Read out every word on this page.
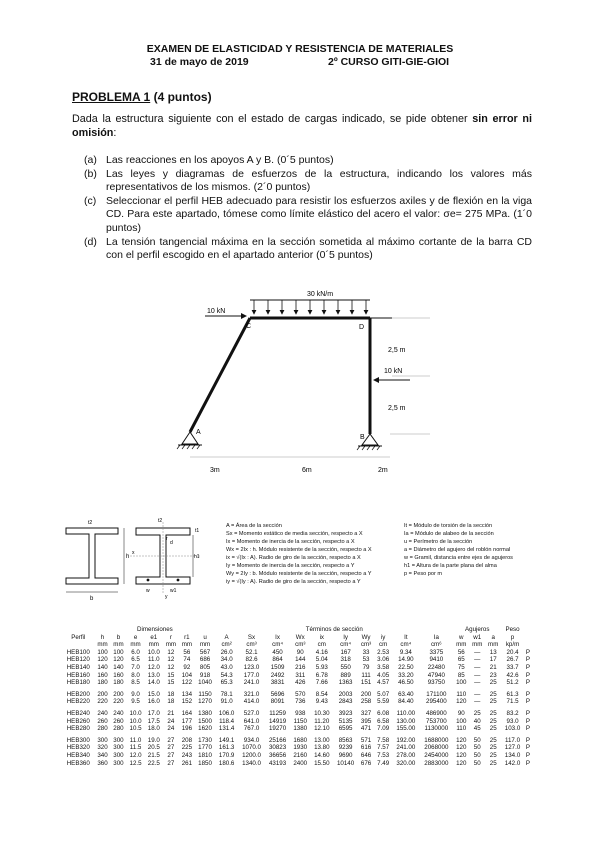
EXAMEN DE ELASTICIDAD Y RESISTENCIA DE MATERIALES
31 de mayo de 2019	2º CURSO GITI-GIE-GIOI
PROBLEMA 1 (4 puntos)
Dada la estructura siguiente con el estado de cargas indicado, se pide obtener sin error ni omisión:
(a) Las reacciones en los apoyos A y B. (0´5 puntos)
(b) Las leyes y diagramas de esfuerzos de la estructura, indicando los valores más representativos de los mismos. (2´0 puntos)
(c) Seleccionar el perfil HEB adecuado para resistir los esfuerzos axiles y de flexión en la viga CD. Para este apartado, tómese como límite elástico del acero el valor: σe= 275 MPa. (1´0 puntos)
(d) La tensión tangencial máxima en la sección sometida al máximo cortante de la barra CD con el perfil escogido en el apartado anterior (0´5 puntos)
30 kN/m
10 kN
10 kN
C	D
A
B
2,5 m
2,5 m
3m	6m	2m
t2
b
h
t2
t1
d
r
h1
x
y
w	w1
A = Área de la sección
Sx = Momento estático de media sección, respecto a X
Ix = Momento de inercia de la sección, respecto a X
Wx = 2Ix : h. Módulo resistente de la sección, respecto a X
ix = √(Ix : A). Radio de giro de la sección, respecto a X
Iy = Momento de inercia de la sección, respecto a Y
Wy = 2Iy : b. Módulo resistente de la sección, respecto a Y
iy = √(Iy : A). Radio de giro de la sección, respecto a Y
It = Módulo de torsión de la sección
Ia = Módulo de alabeo de la sección
u = Perímetro de la sección
a = Diámetro del agujero del roblón normal
w = Gramil, distancia entre ejes de agujeros
h1 = Altura de la parte plana del alma
p = Peso por m
Perfil	Dimensiones							Términos de sección										Agujeros			Peso	
	h	b	e	e1	r	r1	u	A	Sx	Ix	Wx	ix	Iy	Wy	iy	It	Ia	w	w1	a	p	
	mm	mm	mm	mm	mm	mm	mm	cm²	cm³	cm⁴	cm³	cm	cm⁴	cm³	cm	cm⁴	cm⁶	mm	mm	mm	kp/m	
HEB100	100	100	6.0	10.0	12	56	567	26.0	52.1	450	90	4.16	167	33	2.53	9.34	3375	56	—	13	20.4	P
HEB120	120	120	6.5	11.0	12	74	686	34.0	82.6	864	144	5.04	318	53	3.06	14.90	9410	65	—	17	26.7	P
HEB140	140	140	7.0	12.0	12	92	805	43.0	123.0	1509	216	5.93	550	79	3.58	22.50	22480	75	—	21	33.7	P
HEB160	160	160	8.0	13.0	15	104	918	54.3	177.0	2492	311	6.78	889	111	4.05	33.20	47940	85	—	23	42.6	P
HEB180	180	180	8.5	14.0	15	122	1040	65.3	241.0	3831	426	7.66	1363	151	4.57	46.50	93750	100	—	25	51.2	P

HEB200	200	200	9.0	15.0	18	134	1150	78.1	321.0	5696	570	8.54	2003	200	5.07	63.40	171100	110	—	25	61.3	P
HEB220	220	220	9.5	16.0	18	152	1270	91.0	414.0	8091	736	9.43	2843	258	5.59	84.40	295400	120	—	25	71.5	P

HEB240	240	240	10.0	17.0	21	164	1380	106.0	527.0	11259	938	10.30	3923	327	6.08	110.00	486900	90	25	25	83.2	P
HEB260	260	260	10.0	17.5	24	177	1500	118.4	641.0	14919	1150	11.20	5135	395	6.58	130.00	753700	100	40	25	93.0	P
HEB280	280	280	10.5	18.0	24	196	1620	131.4	767.0	19270	1380	12.10	6595	471	7.09	155.00	1130000	110	45	25	103.0	P

HEB300	300	300	11.0	19.0	27	208	1730	149.1	934.0	25166	1680	13.00	8563	571	7.58	192.00	1688000	120	50	25	117.0	P
HEB320	320	300	11.5	20.5	27	225	1770	161.3	1070.0	30823	1930	13.80	9239	616	7.57	241.00	2068000	120	50	25	127.0	P
HEB340	340	300	12.0	21.5	27	243	1810	170.9	1200.0	36656	2160	14.60	9690	646	7.53	278.00	2454000	120	50	25	134.0	P
HEB360	360	300	12.5	22.5	27	261	1850	180.6	1340.0	43193	2400	15.50	10140	676	7.49	320.00	2883000	120	50	25	142.0	P
